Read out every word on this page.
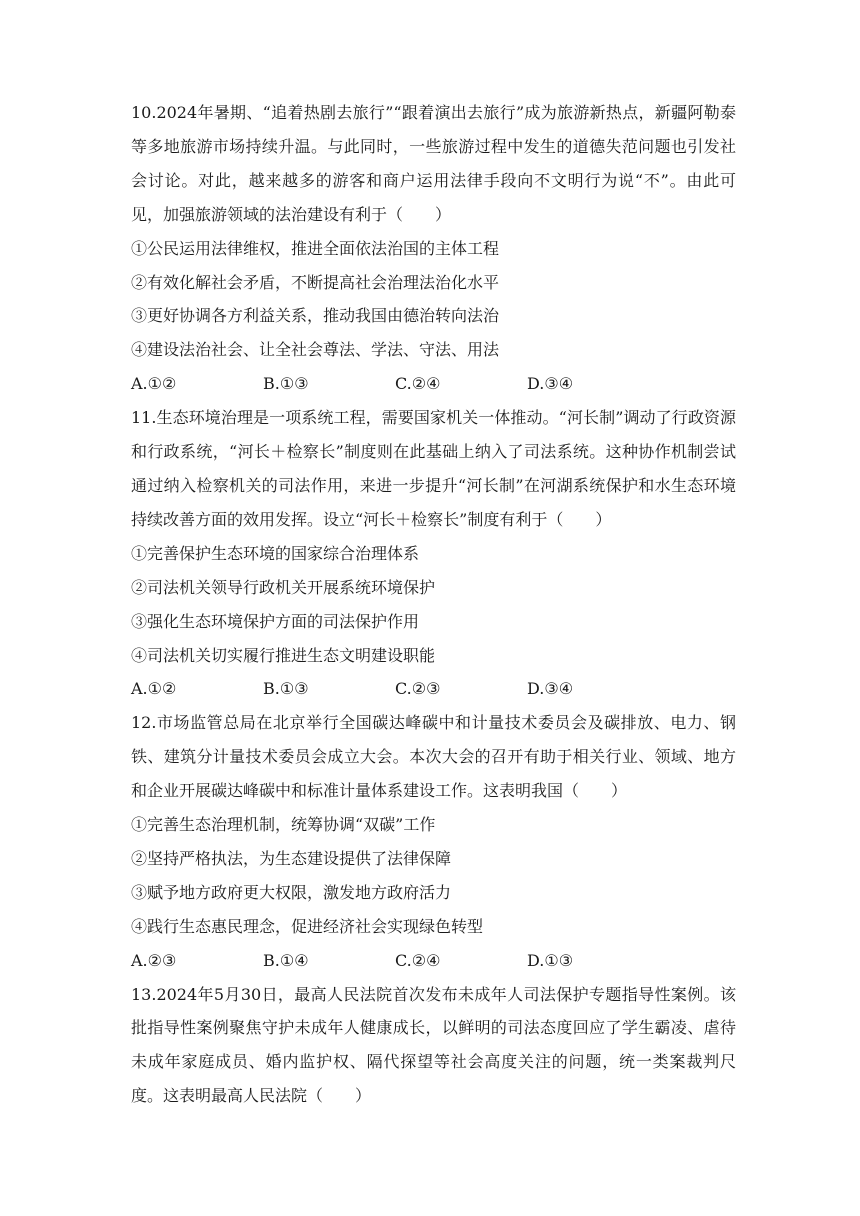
10.2024年暑期、“追着热剧去旅行”“跟着演出去旅行”成为旅游新热点，新疆阿勒泰等多地旅游市场持续升温。与此同时，一些旅游过程中发生的道德失范问题也引发社会讨论。对此，越来越多的游客和商户运用法律手段向不文明行为说“不”。由此可见，加强旅游领域的法治建设有利于（　　）

①公民运用法律维权，推进全面依法治国的主体工程

②有效化解社会矛盾，不断提高社会治理法治化水平

③更好协调各方利益关系，推动我国由德治转向法治

④建设法治社会、让全社会尊法、学法、守法、用法

A.①②	B.①③	C.②④	D.③④

11.生态环境治理是一项系统工程，需要国家机关一体推动。“河长制”调动了行政资源和行政系统，“河长＋检察长”制度则在此基础上纳入了司法系统。这种协作机制尝试通过纳入检察机关的司法作用，来进一步提升“河长制”在河湖系统保护和水生态环境持续改善方面的效用发挥。设立“河长＋检察长”制度有利于（　　）

①完善保护生态环境的国家综合治理体系

②司法机关领导行政机关开展系统环境保护

③强化生态环境保护方面的司法保护作用

④司法机关切实履行推进生态文明建设职能

A.①②	B.①③	C.②③	D.③④

12.市场监管总局在北京举行全国碳达峰碳中和计量技术委员会及碳排放、电力、钢铁、建筑分计量技术委员会成立大会。本次大会的召开有助于相关行业、领域、地方和企业开展碳达峰碳中和标准计量体系建设工作。这表明我国（　　）

①完善生态治理机制，统筹协调“双碳”工作

②坚持严格执法，为生态建设提供了法律保障

③赋予地方政府更大权限，激发地方政府活力

④践行生态惠民理念，促进经济社会实现绿色转型

A.②③	B.①④	C.②④	D.①③

13.2024年5月30日，最高人民法院首次发布未成年人司法保护专题指导性案例。该批指导性案例聚焦守护未成年人健康成长，以鲜明的司法态度回应了学生霸凌、虐待未成年家庭成员、婚内监护权、隔代探望等社会高度关注的问题，统一类案裁判尺度。这表明最高人民法院（　　）
